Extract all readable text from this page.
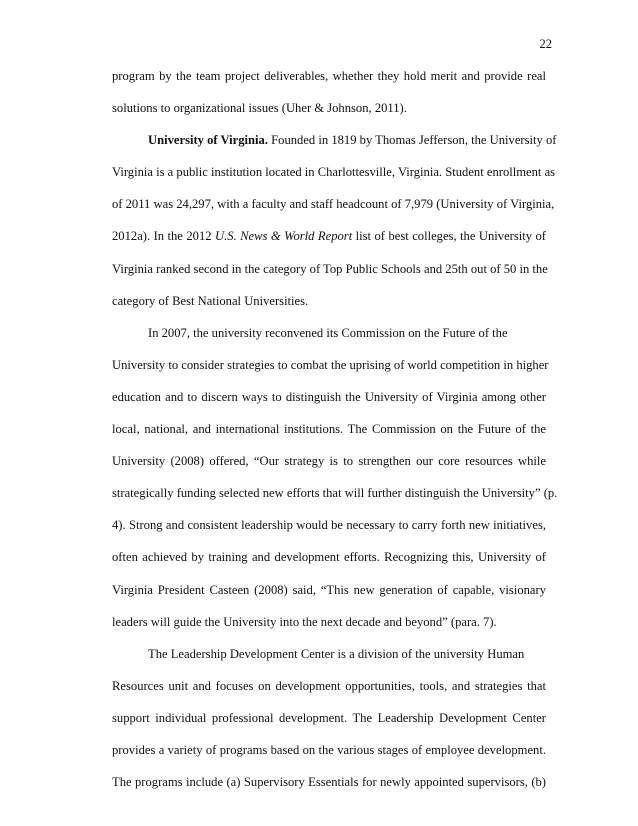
22
program by the team project deliverables, whether they hold merit and provide real
solutions to organizational issues (Uher & Johnson, 2011).
University of Virginia. Founded in 1819 by Thomas Jefferson, the University of
Virginia is a public institution located in Charlottesville, Virginia. Student enrollment as
of 2011 was 24,297, with a faculty and staff headcount of 7,979 (University of Virginia,
2012a). In the 2012 U.S. News & World Report list of best colleges, the University of
Virginia ranked second in the category of Top Public Schools and 25th out of 50 in the
category of Best National Universities.
In 2007, the university reconvened its Commission on the Future of the
University to consider strategies to combat the uprising of world competition in higher
education and to discern ways to distinguish the University of Virginia among other
local, national, and international institutions. The Commission on the Future of the
University (2008) offered, “Our strategy is to strengthen our core resources while
strategically funding selected new efforts that will further distinguish the University” (p.
4). Strong and consistent leadership would be necessary to carry forth new initiatives,
often achieved by training and development efforts. Recognizing this, University of
Virginia President Casteen (2008) said, “This new generation of capable, visionary
leaders will guide the University into the next decade and beyond” (para. 7).
The Leadership Development Center is a division of the university Human
Resources unit and focuses on development opportunities, tools, and strategies that
support individual professional development. The Leadership Development Center
provides a variety of programs based on the various stages of employee development.
The programs include (a) Supervisory Essentials for newly appointed supervisors, (b)
